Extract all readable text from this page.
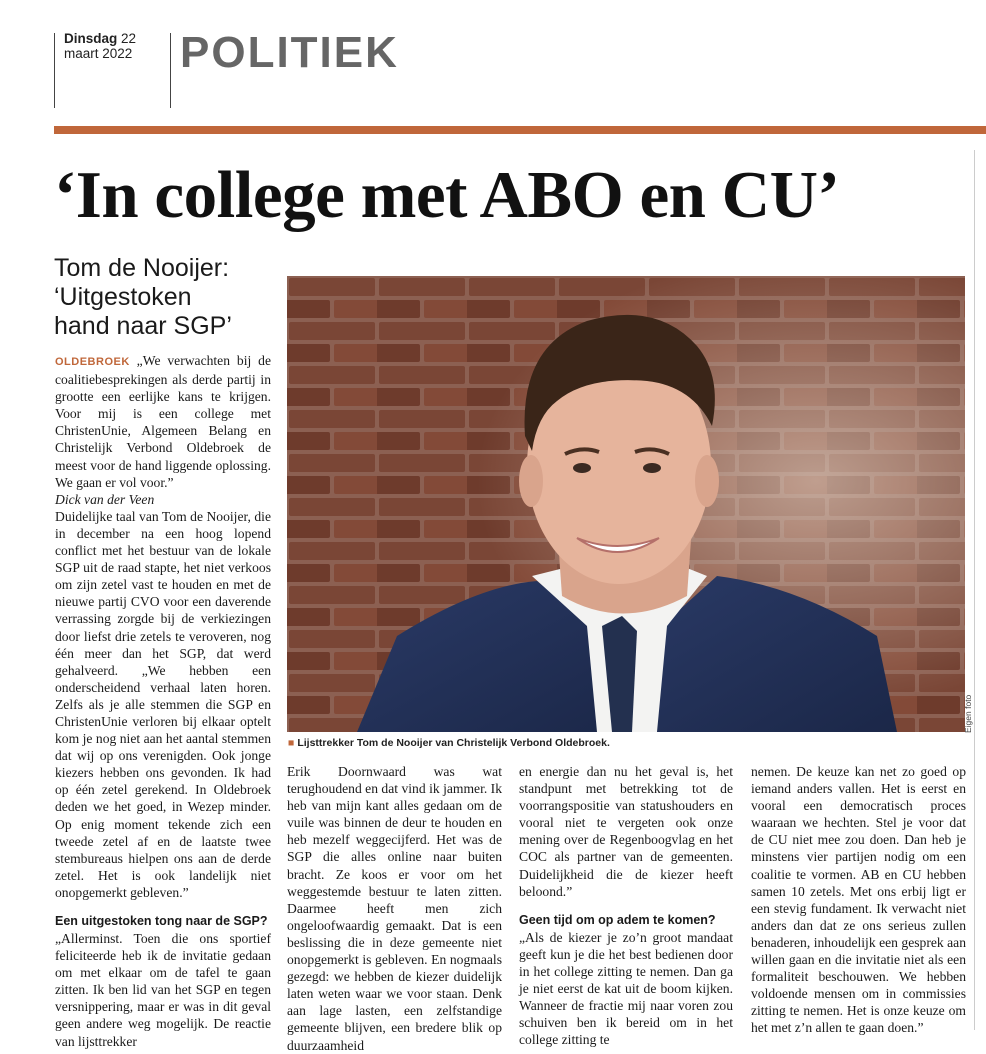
Dinsdag 22
maart 2022	POLITIEK
‘In college met ABO en CU’
Tom de Nooijer:
‘Uitgestoken
hand naar SGP’

OLDEBROEK „We verwachten bij de coalitiebesprekingen als derde partij in grootte een eerlijke kans te krijgen. Voor mij is een college met ChristenUnie, Algemeen Belang en Christelijk Verbond Oldebroek de meest voor de hand liggende oplossing. We gaan er vol voor.”

Dick van der Veen

Duidelijke taal van Tom de Nooijer, die in december na een hoog lopend conflict met het bestuur van de lokale SGP uit de raad stapte, het niet verkoos om zijn zetel vast te houden en met de nieuwe partij CVO voor een daverende verrassing zorgde bij de verkiezingen door liefst drie zetels te veroveren, nog één meer dan het SGP, dat werd gehalveerd. „We hebben een onderscheidend verhaal laten horen. Zelfs als je alle stemmen die SGP en ChristenUnie verloren bij elkaar optelt kom je nog niet aan het aantal stemmen dat wij op ons verenigden. Ook jonge kiezers hebben ons gevonden. Ik had op één zetel gerekend. In Oldebroek deden we het goed, in Wezep minder. Op enig moment tekende zich een tweede zetel af en de laatste twee stembureaus hielpen ons aan de derde zetel. Het is ook landelijk niet onopgemerkt gebleven.”

Een uitgestoken tong naar de SGP?

„Allerminst. Toen die ons sportief feliciteerde heb ik de invitatie gedaan om met elkaar om de tafel te gaan zitten. Ik ben lid van het SGP en tegen versnippering, maar er was in dit geval geen andere weg mogelijk. De reactie van lijsttrekker

Eigen foto
■ Lijsttrekker Tom de Nooijer van Christelijk Verbond Oldebroek.

Erik Doornwaard was wat terughoudend en dat vind ik jammer. Ik heb van mijn kant alles gedaan om de vuile was binnen de deur te houden en heb mezelf weggecijferd. Het was de SGP die alles online naar buiten bracht. Ze koos er voor om het weggestemde bestuur te laten zitten. Daarmee heeft men zich ongeloofwaardig gemaakt. Dat is een beslissing die in deze gemeente niet onopgemerkt is gebleven. En nogmaals gezegd: we hebben de kiezer duidelijk laten weten waar we voor staan. Denk aan lage lasten, een zelfstandige gemeente blijven, een bredere blik op duurzaamheid

en energie dan nu het geval is, het standpunt met betrekking tot de voorrangspositie van statushouders en vooral niet te vergeten ook onze mening over de Regenboogvlag en het COC als partner van de gemeenten. Duidelijkheid die de kiezer heeft beloond.”

Geen tijd om op adem te komen?

„Als de kiezer je zo’n groot mandaat geeft kun je die het best bedienen door in het college zitting te nemen. Dan ga je niet eerst de kat uit de boom kijken. Wanneer de fractie mij naar voren zou schuiven ben ik bereid om in het college zitting te

nemen. De keuze kan net zo goed op iemand anders vallen. Het is eerst en vooral een democratisch proces waaraan we hechten. Stel je voor dat de CU niet mee zou doen. Dan heb je minstens vier partijen nodig om een coalitie te vormen. AB en CU hebben samen 10 zetels. Met ons erbij ligt er een stevig fundament. Ik verwacht niet anders dan dat ze ons serieus zullen benaderen, inhoudelijk een gesprek aan willen gaan en die invitatie niet als een formaliteit beschouwen. We hebben voldoende mensen om in commissies zitting te nemen. Het is onze keuze om het met z’n allen te gaan doen.”
